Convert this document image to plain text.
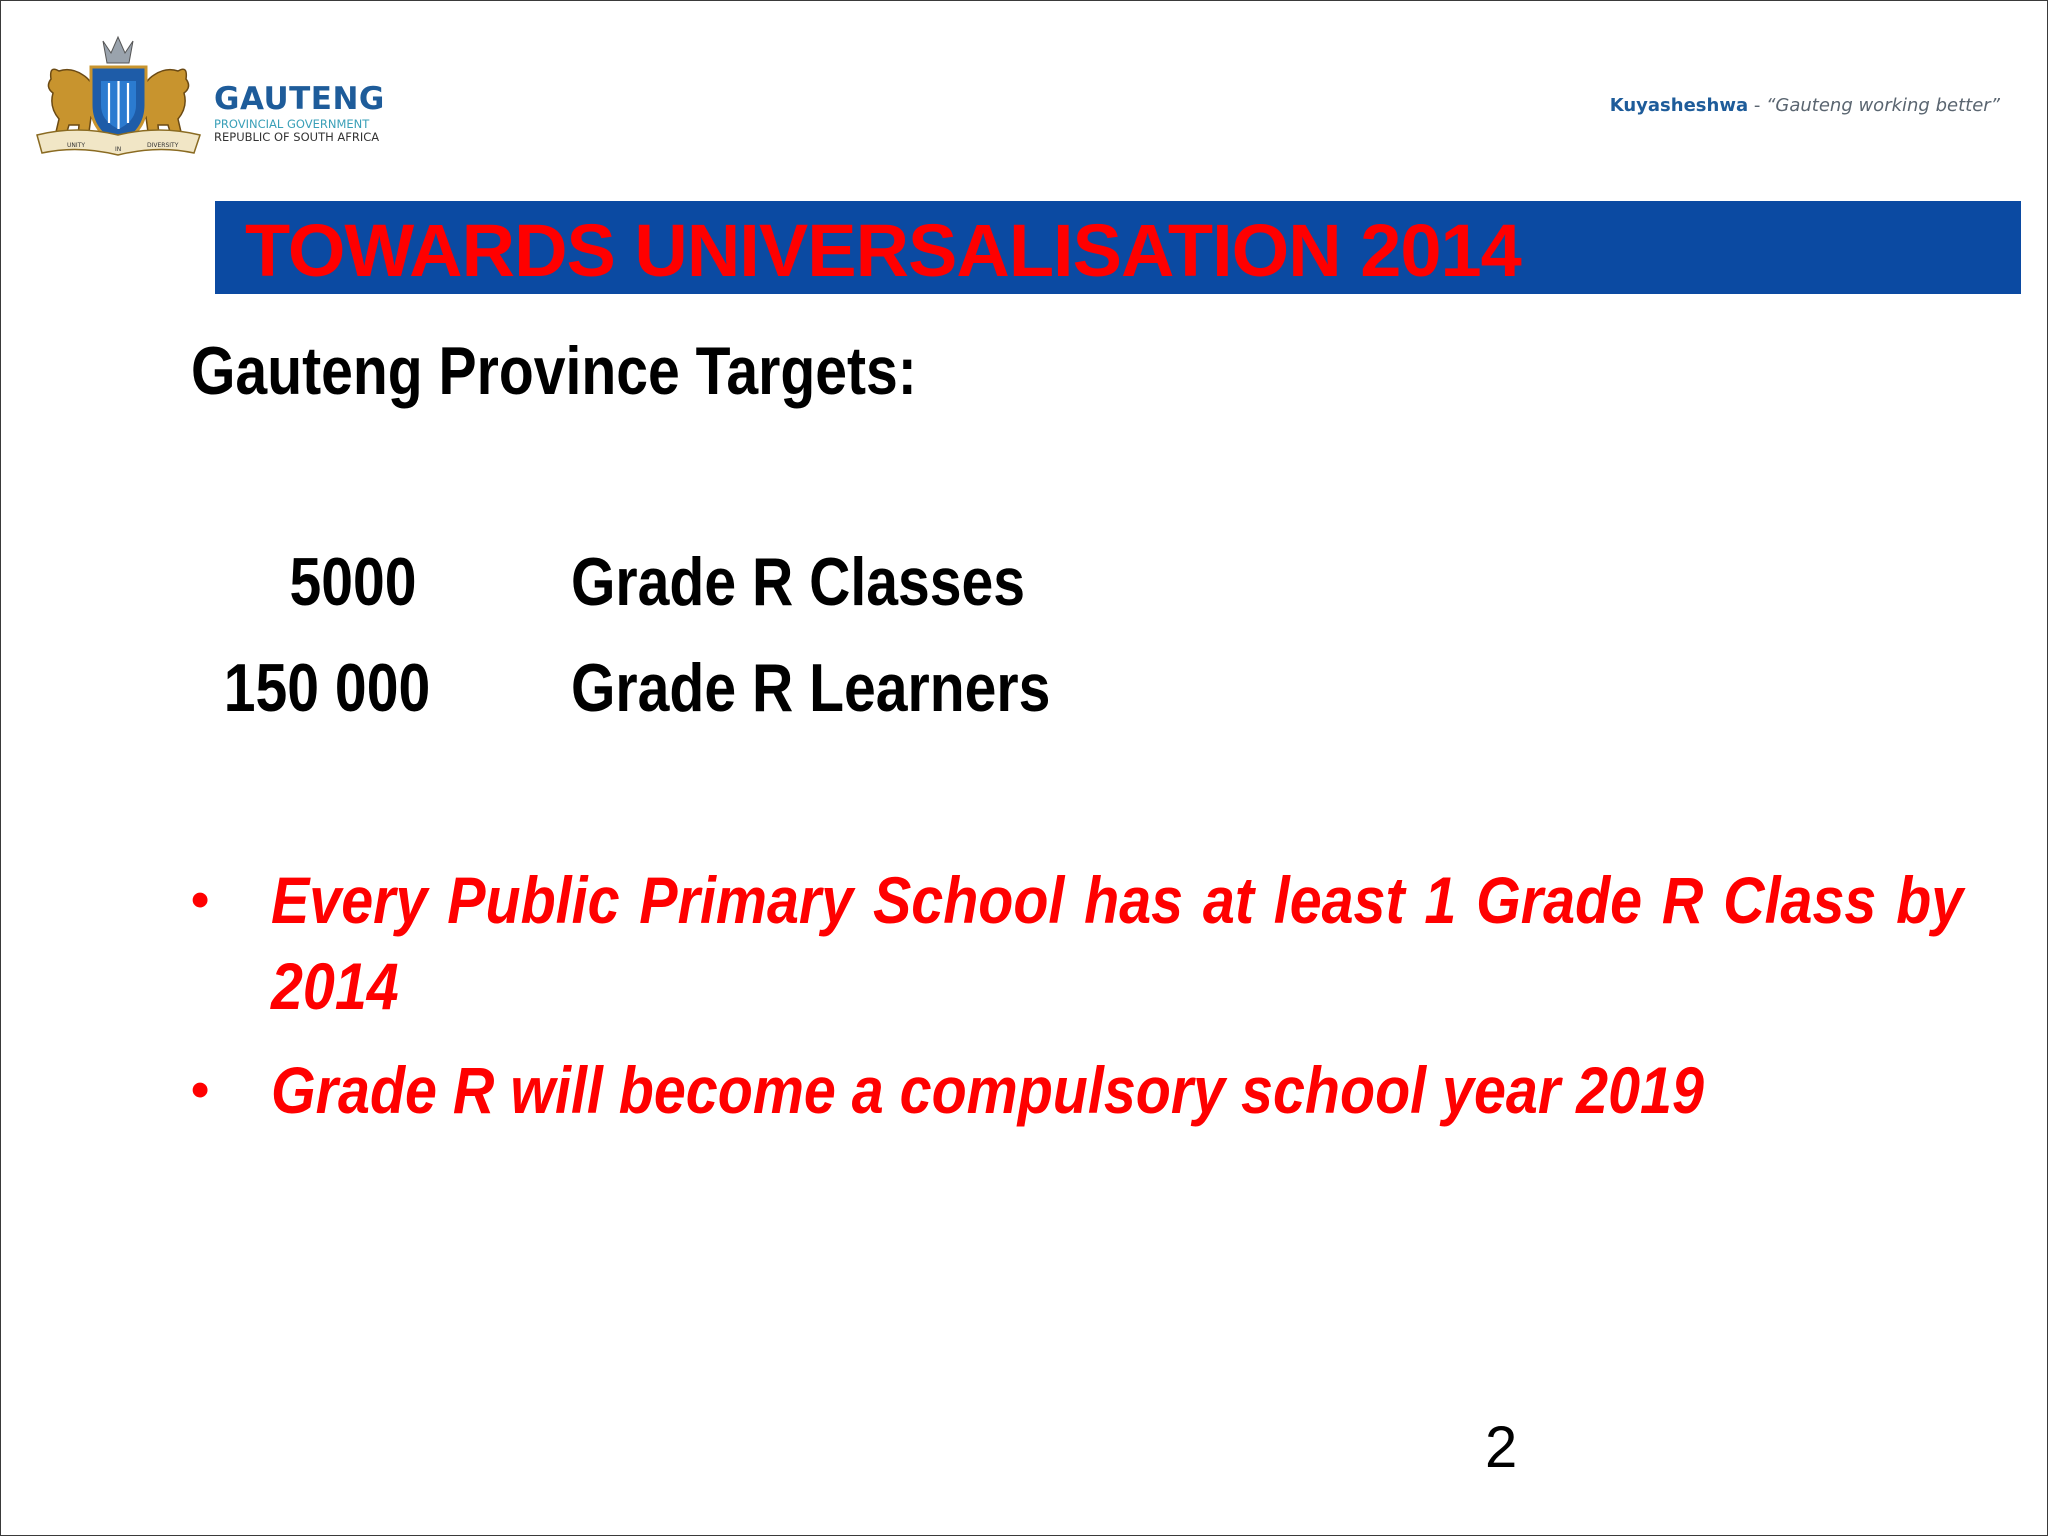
UNITY
IN
DIVERSITY
GAUTENG
PROVINCIAL GOVERNMENT
REPUBLIC OF SOUTH AFRICA
Kuyasheshwa - “Gauteng working better”
TOWARDS UNIVERSALISATION 2014
Gauteng Province Targets:
5000	Grade R Classes
150 000 Grade R Learners
• Every Public Primary School has at least 1 Grade R Class by 2014
• Grade R will become a compulsory school year 2019
2
